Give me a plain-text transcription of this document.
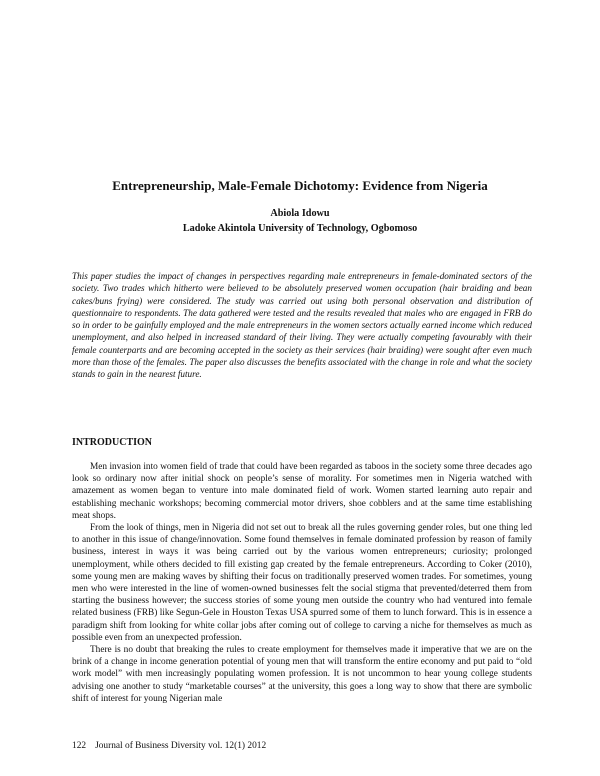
Entrepreneurship, Male-Female Dichotomy: Evidence from Nigeria
Abiola Idowu
Ladoke Akintola University of Technology, Ogbomoso

This paper studies the impact of changes in perspectives regarding male entrepreneurs in female-dominated sectors of the society. Two trades which hitherto were believed to be absolutely preserved women occupation (hair braiding and bean cakes/buns frying) were considered. The study was carried out using both personal observation and distribution of questionnaire to respondents. The data gathered were tested and the results revealed that males who are engaged in FRB do so in order to be gainfully employed and the male entrepreneurs in the women sectors actually earned income which reduced unemployment, and also helped in increased standard of their living. They were actually competing favourably with their female counterparts and are becoming accepted in the society as their services (hair braiding) were sought after even much more than those of the females. The paper also discusses the benefits associated with the change in role and what the society stands to gain in the nearest future.

INTRODUCTION

Men invasion into women field of trade that could have been regarded as taboos in the society some three decades ago look so ordinary now after initial shock on people’s sense of morality. For sometimes men in Nigeria watched with amazement as women began to venture into male dominated field of work. Women started learning auto repair and establishing mechanic workshops; becoming commercial motor drivers, shoe cobblers and at the same time establishing meat shops.

From the look of things, men in Nigeria did not set out to break all the rules governing gender roles, but one thing led to another in this issue of change/innovation. Some found themselves in female dominated profession by reason of family business, interest in ways it was being carried out by the various women entrepreneurs; curiosity; prolonged unemployment, while others decided to fill existing gap created by the female entrepreneurs. According to Coker (2010), some young men are making waves by shifting their focus on traditionally preserved women trades. For sometimes, young men who were interested in the line of women-owned businesses felt the social stigma that prevented/deterred them from starting the business however; the success stories of some young men outside the country who had ventured into female related business (FRB) like Segun-Gele in Houston Texas USA spurred some of them to lunch forward. This is in essence a paradigm shift from looking for white collar jobs after coming out of college to carving a niche for themselves as much as possible even from an unexpected profession.

There is no doubt that breaking the rules to create employment for themselves made it imperative that we are on the brink of a change in income generation potential of young men that will transform the entire economy and put paid to “old work model” with men increasingly populating women profession. It is not uncommon to hear young college students advising one another to study “marketable courses” at the university, this goes a long way to show that there are symbolic shift of interest for young Nigerian male

122 Journal of Business Diversity vol. 12(1) 2012
